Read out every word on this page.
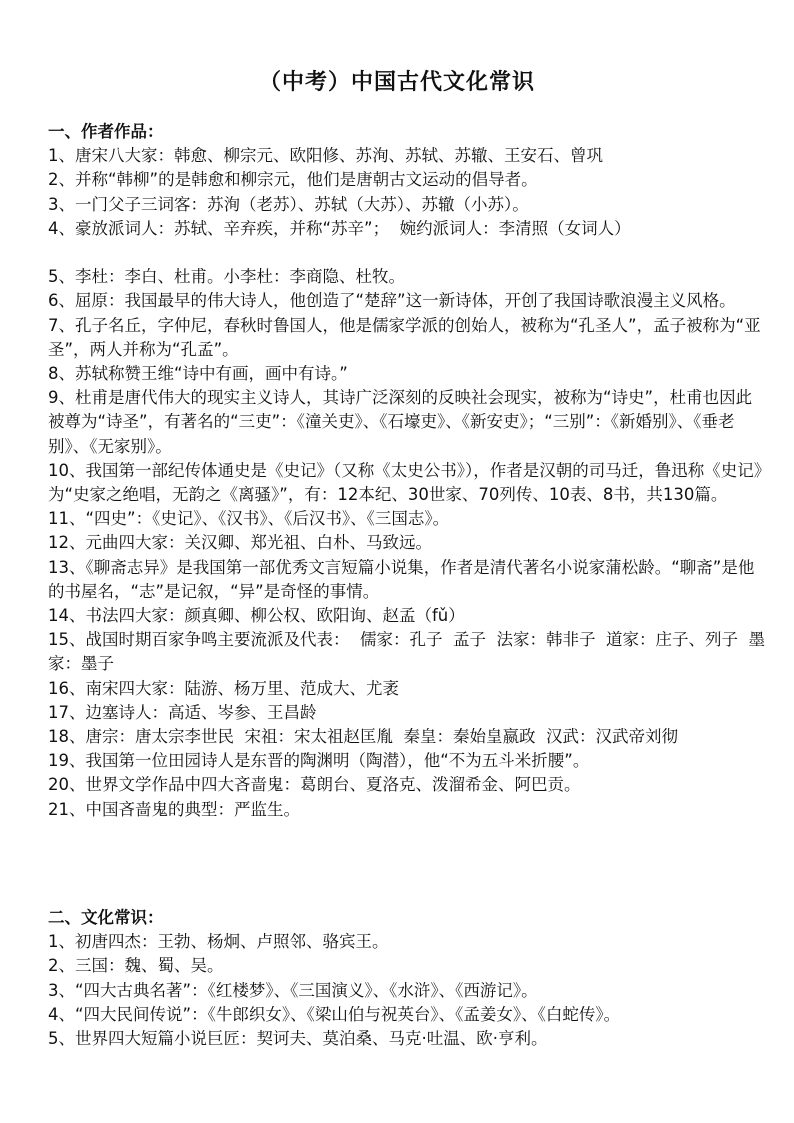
（中考）中国古代文化常识
一、作者作品：
1、唐宋八大家：韩愈、柳宗元、欧阳修、苏洵、苏轼、苏辙、王安石、曾巩
2、并称“韩柳”的是韩愈和柳宗元，他们是唐朝古文运动的倡导者。
3、一门父子三词客：苏洵（老苏）、苏轼（大苏）、苏辙（小苏）。
4、豪放派词人：苏轼、辛弃疾，并称“苏辛”；  婉约派词人：李清照（女词人）
5、李杜：李白、杜甫。小李杜：李商隐、杜牧。
6、屈原：我国最早的伟大诗人，他创造了“楚辞”这一新诗体，开创了我国诗歌浪漫主义风格。
7、孔子名丘，字仲尼，春秋时鲁国人，他是儒家学派的创始人，被称为“孔圣人”，孟子被称为“亚圣”，两人并称为“孔孟”。
8、苏轼称赞王维“诗中有画，画中有诗。”
9、杜甫是唐代伟大的现实主义诗人，其诗广泛深刻的反映社会现实，被称为“诗史”，杜甫也因此被尊为“诗圣”，有著名的“三吏”：《潼关吏》、《石壕吏》、《新安吏》；“三别”：《新婚别》、《垂老别》、《无家别》。
10、我国第一部纪传体通史是《史记》（又称《太史公书》），作者是汉朝的司马迁，鲁迅称《史记》为“史家之绝唱，无韵之《离骚》”，有：12本纪、30世家、70列传、10表、8书，共130篇。
11、“四史”：《史记》、《汉书》、《后汉书》、《三国志》。
12、元曲四大家：关汉卿、郑光祖、白朴、马致远。
13、《聊斋志异》是我国第一部优秀文言短篇小说集，作者是清代著名小说家蒲松龄。“聊斋”是他的书屋名，“志”是记叙，“异”是奇怪的事情。
14、书法四大家：颜真卿、柳公权、欧阳询、赵孟（fǔ）
15、战国时期百家争鸣主要流派及代表：  儒家：孔子  孟子  法家：韩非子  道家：庄子、列子  墨家：墨子
16、南宋四大家：陆游、杨万里、范成大、尤袤
17、边塞诗人：高适、岑参、王昌龄
18、唐宗：唐太宗李世民  宋祖：宋太祖赵匡胤  秦皇：秦始皇嬴政  汉武：汉武帝刘彻
19、我国第一位田园诗人是东晋的陶渊明（陶潜），他“不为五斗米折腰”。
20、世界文学作品中四大吝啬鬼：葛朗台、夏洛克、泼溜希金、阿巴贡。
21、中国吝啬鬼的典型：严监生。
二、文化常识：
1、初唐四杰：王勃、杨炯、卢照邻、骆宾王。
2、三国：魏、蜀、吴。
3、“四大古典名著”：《红楼梦》、《三国演义》、《水浒》、《西游记》。
4、“四大民间传说”：《牛郎织女》、《梁山伯与祝英台》、《孟姜女》、《白蛇传》。
5、世界四大短篇小说巨匠：契诃夫、莫泊桑、马克·吐温、欧·亨利。
